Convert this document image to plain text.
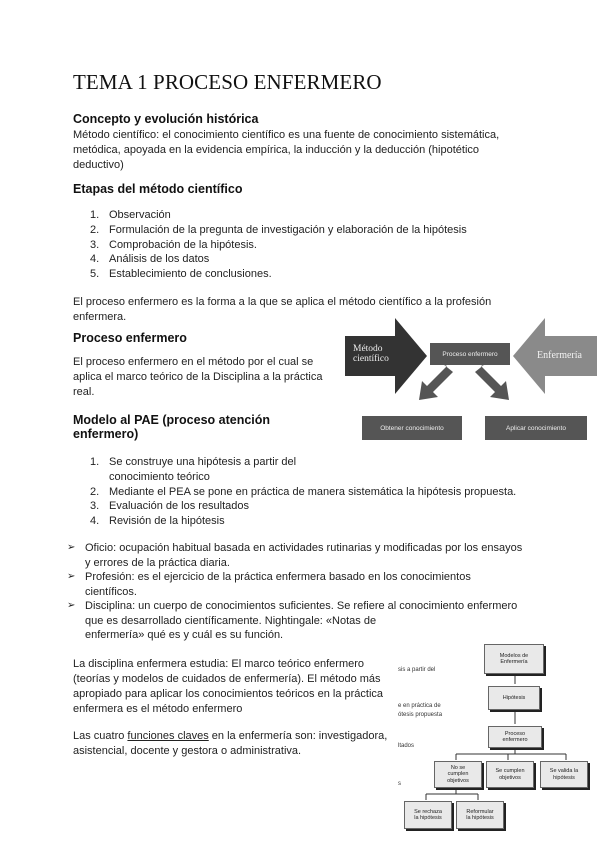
TEMA 1 PROCESO ENFERMERO
Concepto y evolución histórica

Método científico: el conocimiento científico es una fuente de conocimiento sistemática,

metódica, apoyada en la evidencia empírica, la inducción y la deducción (hipotético

deductivo)

Etapas del método científico
1. Observación
2. Formulación de la pregunta de investigación y elaboración de la hipótesis
3. Comprobación de la hipótesis.
4. Análisis de los datos
5. Establecimiento de conclusiones.

El proceso enfermero es la forma a la que se aplica el método científico a la profesión

enfermera.

Proceso enfermero

El proceso enfermero en el método por el cual se

aplica el marco teórico de la Disciplina a la práctica

real.

Modelo al PAE (proceso atención
enfermero)
1. Se construye una hipótesis a partir del
conocimiento teórico
2. Mediante el PEA se pone en práctica de manera sistemática la hipótesis propuesta.
3. Evaluación de los resultados
4. Revisión de la hipótesis
➢ Oficio: ocupación habitual basada en actividades rutinarias y modificadas por los ensayos
y errores de la práctica diaria.
➢ Profesión: es el ejercicio de la práctica enfermera basado en los conocimientos
científicos.
➢ Disciplina: un cuerpo de conocimientos suficientes. Se refiere al conocimiento enfermero
que es desarrollado científicamente. Nightingale: «Notas de
enfermería» qué es y cuál es su función.

La disciplina enfermera estudia: El marco teórico enfermero

(teorías y modelos de cuidados de enfermería). El método más

apropiado para aplicar los conocimientos teóricos en la práctica

enfermera es el método enfermero

Las cuatro funciones claves en la enfermería son: investigadora,

asistencial, docente y gestora o administrativa.

Método
científico	Proceso enfermero	Enfermería
Obtener conocimiento	Aplicar conocimiento
sis a partir del
e en práctica de
ótesis propuesta
ltados
s
Modelos de
Enfermería
Hipótesis
Proceso
enfermero
No se
cumplen
objetivos
Se cumplen
objetivos
Se valida la
hipótesis
Se rechaza
la hipótesis
Reformular
la hipótesis
